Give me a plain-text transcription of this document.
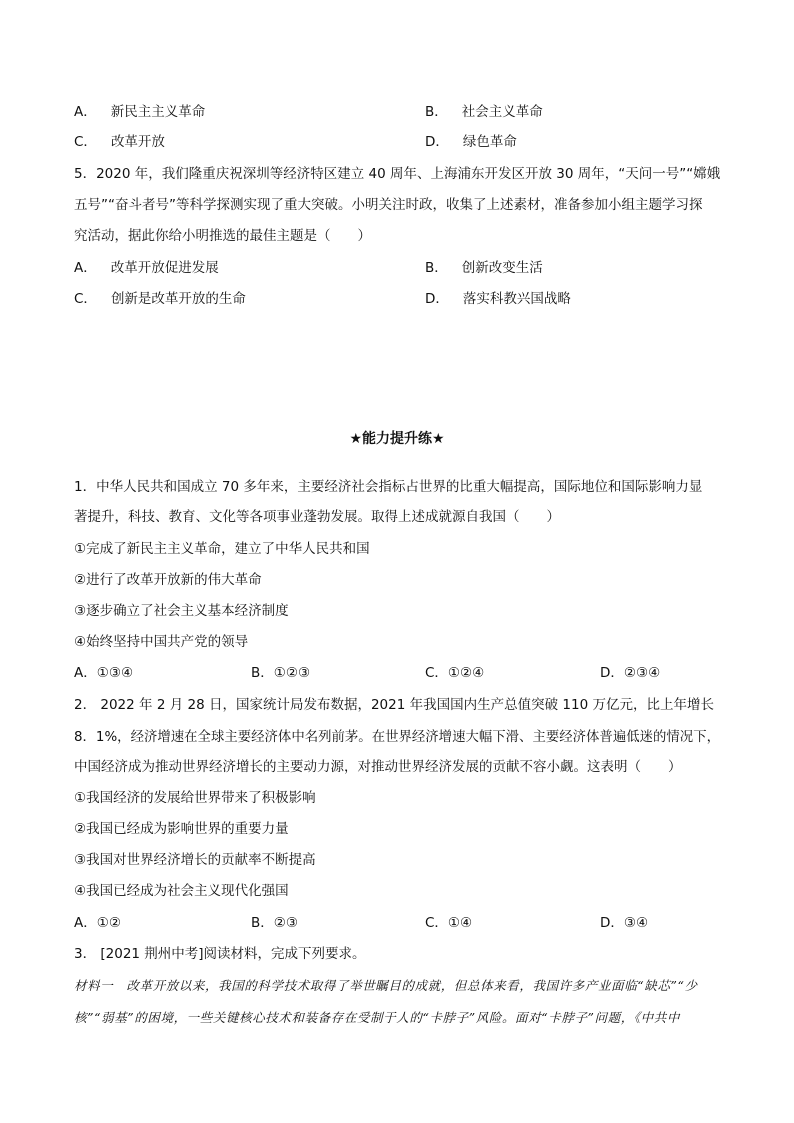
A． 新民主主义革命	B． 社会主义革命
C． 改革开放	D． 绿色革命
5．2020 年，我们隆重庆祝深圳等经济特区建立 40 周年、上海浦东开发区开放 30 周年，“天问一号”“嫦娥
五号”“奋斗者号”等科学探测实现了重大突破。小明关注时政，收集了上述素材，准备参加小组主题学习探
究活动，据此你给小明推选的最佳主题是（　　）
A． 改革开放促进发展	B． 创新改变生活
C． 创新是改革开放的生命	D． 落实科教兴国战略
★能力提升练★
1．中华人民共和国成立 70 多年来，主要经济社会指标占世界的比重大幅提高，国际地位和国际影响力显
著提升，科技、教育、文化等各项事业蓬勃发展。取得上述成就源自我国（　　）
①完成了新民主主义革命，建立了中华人民共和国
②进行了改革开放新的伟大革命
③逐步确立了社会主义基本经济制度
④始终坚持中国共产党的领导
A．①③④	B．①②③	C．①②④	D．②③④
2． 2022 年 2 月 28 日，国家统计局发布数据，2021 年我国国内生产总值突破 110 万亿元，比上年增长
8．1%，经济增速在全球主要经济体中名列前茅。在世界经济增速大幅下滑、主要经济体普遍低迷的情况下，
中国经济成为推动世界经济增长的主要动力源，对推动世界经济发展的贡献不容小觑。这表明（　　）
①我国经济的发展给世界带来了积极影响
②我国已经成为影响世界的重要力量
③我国对世界经济增长的贡献率不断提高
④我国已经成为社会主义现代化强国
A．①②	B．②③	C．①④	D．③④
3． [2021 荆州中考]阅读材料，完成下列要求。
材料一　改革开放以来，我国的科学技术取得了举世瞩目的成就，但总体来看，我国许多产业面临“缺芯”“少
核”“弱基”的困境，一些关键核心技术和装备存在受制于人的“卡脖子”风险。面对“卡脖子”问题，《中共中
